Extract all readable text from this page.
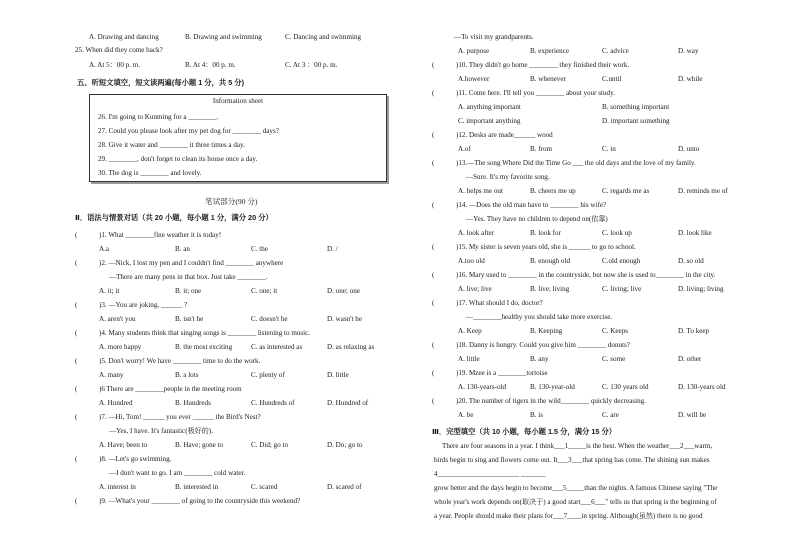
A. Drawing and dancing	B. Drawing and swimming	C. Dancing and swimming
25. When did they come back?
A. At 5：00 p. m.	B. At 4：00 p. m.	C. At 3 ：00 p. m.
五、听短文填空，短文读两遍(每小题 1 分，共 5 分)
Information sheet
26. I'm going to Kunming for a ________.
27. Could you please look after my pet dog for ________ days?
28. Give it water and ________ it three times a day.
29. ________, don't forget to clean its house once a day.
30. The dog is ________ and lovely.
笔试部分(90 分)
Ⅱ．语法与情景对话（共 20 小题，每小题 1 分，满分 20 分）
(	)1. What ________fine weather it is today!
A.a	B. an	C. the	D. /
(	)2. —Nick, I lost my pen and I couldn't find ________ anywhere
—There are many pens in that box. Just take ________.
A. it; it	B. it; one	C. one; it	D. one; one
(	)3. —You are joking, ______ ?
A. aren't you	B. isn't he	C. doesn't he	D. wasn't he
(	)4. Many students think that singing songs is ________ listening to music.
A. more happy	B. the most exciting	C. as interested as	D. as relaxing as
(	)5. Don't worry! We have ________ time to do the work.
A. many	B. a lots	C. plenty of	D. little
(	)6 There are ________people in the meeting room
A. Hundred	B. Hundreds	C. Hundreds of	D. Hundred of
(	)7. —Hi, Tom! ______ you ever ______ the Bird's Nest?
—Yes, I have. It's fantastic(极好的).
A. Have; been to	B. Have; gone to	C. Did; go to	D. Do; go to
(	)8. —Let's go swimming.
—I don't want to go. I am ________ cold water.
A. interest in	B. interested in	C. scared	D. scared of
(	)9. —What's your ________ of going to the countryside this weekend?
—To visit my grandparents.
A. purpose	B. experience	C. advice	D. way
(	)10. They didn't go home ________ they finished their work.
A.however	B. whenever	C.until	D. while
(	)11. Come here. I'll tell you ________ about your study.
A. anything important	B. something important
C. important anything	D. important something
(	)12. Desks are made______ wood
A.of	B. from	C. in	D. unto
(	)13.—The song Where Did the Time Go ___ the old days and the love of my family.
—Sure. It's my favorite song.
A. helps me out	B. cheers me up	C. regards me as	D. reminds me of
(	)14. —Does the old man have to ________ his wife?
—Yes. They have no children to depend on(依靠)
A. look after	B. look for	C. look up	D. look like
(	)15. My sister is seven years old, she is ______ to go to school.
A.too old	B. enough old	C.old enough	D. so old
(	)16. Mary used to ________ in the countryside, but now she is used to________ in the city.
A. live; live	B. live; living	C. living; live	D. living; living
(	)17. What should I do, doctor?
—________healthy you should take more exercise.
A. Keep	B. Keeping	C. Keeps	D. To keep
(	)18. Danny is hungry. Could you give him ________ donuts?
A. little	B. any	C. some	D. other
(	)19. Mzee is a ________tortoise
A. 130-years-old	B. 130-year-old	C. 130 years old	D. 130-years old
(	)20. The number of tigers in the wild________ quickly decreasing.
A. be	B. is	C. are	D. will be
Ⅲ．完型填空（共 10 小题，每小题 1.5 分，满分 15 分）
There are four seasons in a year. I think___1_____is the best. When the weather___2___warm,
birds begin to sing and flowers come out. It___3___that spring has come. The shining sun makes
4_______________________ _______
grow better and the days begin to become___5_____than the nights. A famous Chinese saying "The
whole year's work depends on(取决于) a good start___6___" tells us that spring is the beginning of
a year. People should make their plans for___7____in spring. Although(虽然) there is no good
